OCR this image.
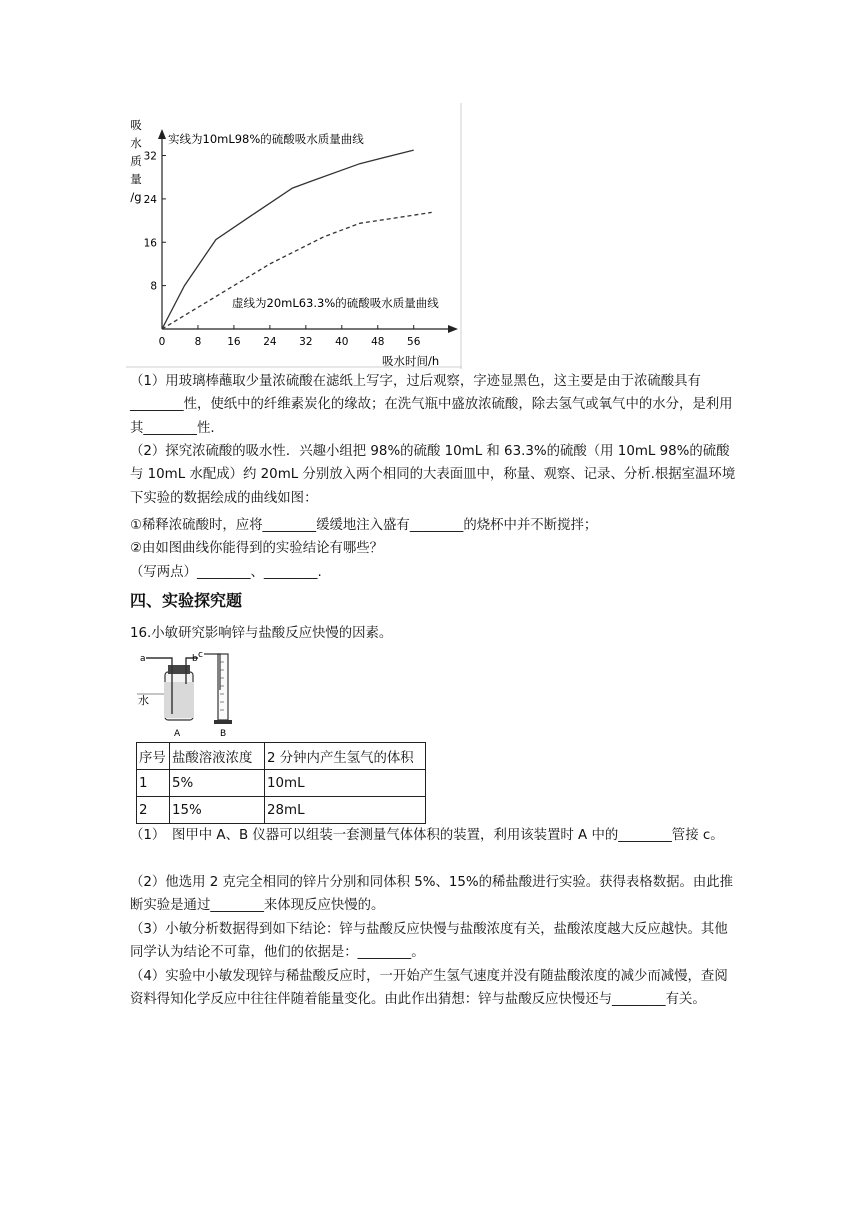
0	8 16 24 32 40 48 56
8
16
24
32
吸
水
质
量
/g
吸水时间/h
实线为10mL98%的硫酸吸水质量曲线
虚线为20mL63.3%的硫酸吸水质量曲线
（1）用玻璃棒蘸取少量浓硫酸在滤纸上写字，过后观察，字迹显黑色，这主要是由于浓硫酸具有________性，使纸中的纤维素炭化的缘故；在洗气瓶中盛放浓硫酸，除去氢气或氧气中的水分，是利用其________性.
（2）探究浓硫酸的吸水性．兴趣小组把 98%的硫酸 10mL 和 63.3%的硫酸（用 10mL 98%的硫酸与 10mL 水配成）约 20mL 分别放入两个相同的大表面皿中，称量、观察、记录、分析.根据室温环境下实验的数据绘成的曲线如图：
①稀释浓硫酸时，应将________缓缓地注入盛有________的烧杯中并不断搅拌；
②由如图曲线你能得到的实验结论有哪些？
（写两点）________、________.
四、实验探究题
16.小敏研究影响锌与盐酸反应快慢的因素。
a	b c
水
A	B
序号	盐酸溶液浓度	2 分钟内产生氢气的体积
1	5%	10mL
2	15%	28mL
（1）　图甲中 A、B 仪器可以组装一套测量气体体积的装置，利用该装置时 A 中的________管接 c。
（2）他选用 2 克完全相同的锌片分别和同体积 5%、15%的稀盐酸进行实验。获得表格数据。由此推断实验是通过________来体现反应快慢的。
（3）小敏分析数据得到如下结论：锌与盐酸反应快慢与盐酸浓度有关，盐酸浓度越大反应越快。其他同学认为结论不可靠，他们的依据是：________。
（4）实验中小敏发现锌与稀盐酸反应时，一开始产生氢气速度并没有随盐酸浓度的减少而减慢，查阅资料得知化学反应中往往伴随着能量变化。由此作出猜想：锌与盐酸反应快慢还与________有关。
